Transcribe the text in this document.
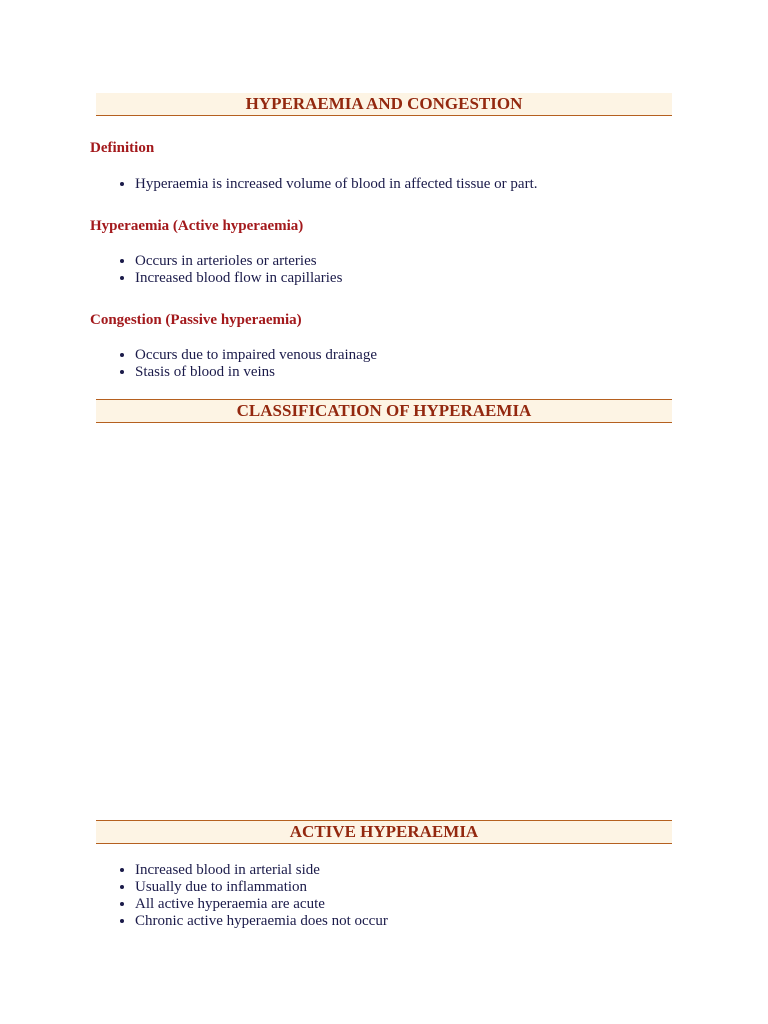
HYPERAEMIA AND CONGESTION
Definition
• Hyperaemia is increased volume of blood in affected tissue or part.
Hyperaemia (Active hyperaemia)
• Occurs in arterioles or arteries
• Increased blood flow in capillaries
Congestion (Passive hyperaemia)
• Occurs due to impaired venous drainage
• Stasis of blood in veins
CLASSIFICATION OF HYPERAEMIA
ACTIVE HYPERAEMIA
• Increased blood in arterial side
• Usually due to inflammation
• All active hyperaemia are acute
• Chronic active hyperaemia does not occur
